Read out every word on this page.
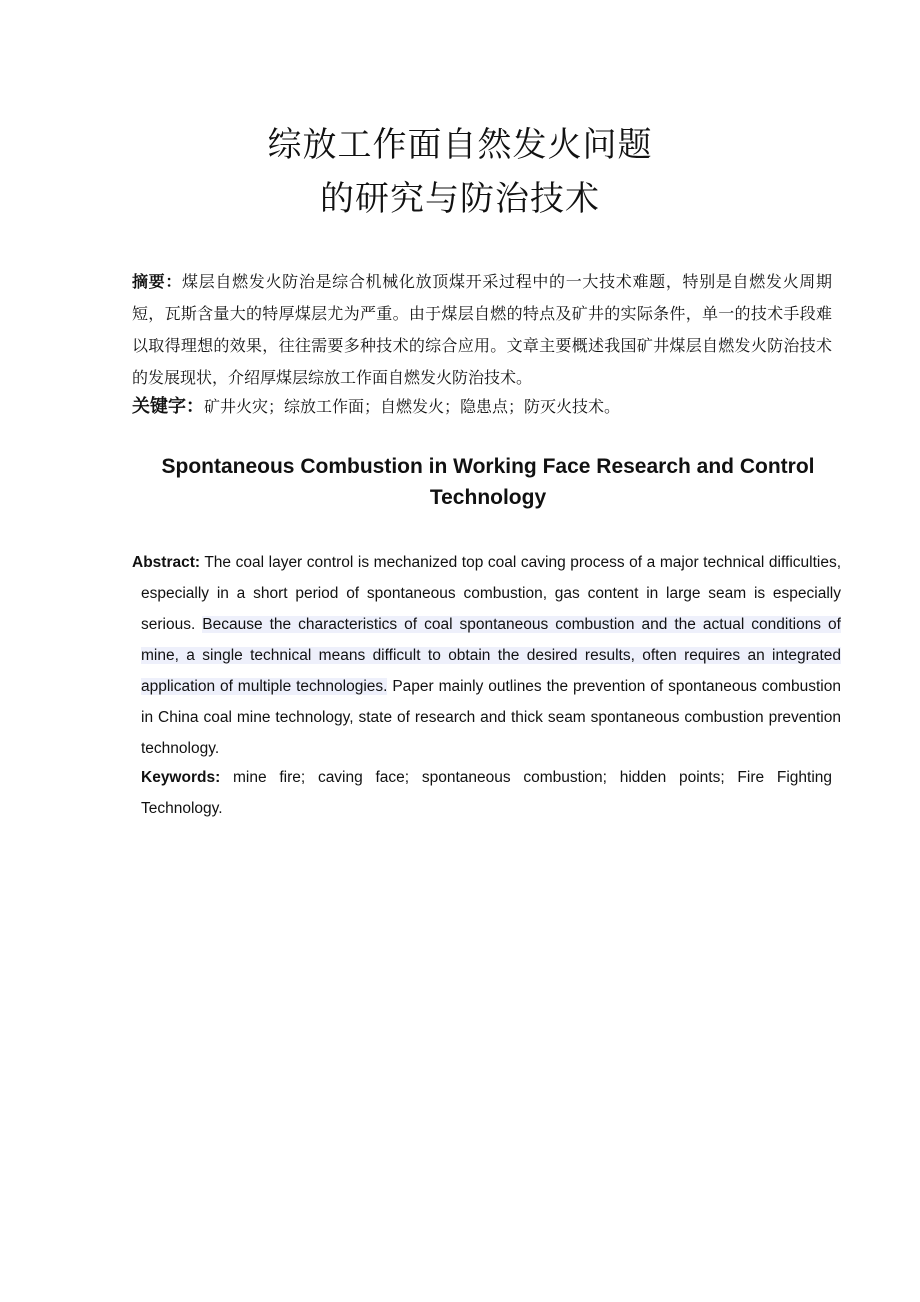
综放工作面自然发火问题
的研究与防治技术
摘要：煤层自燃发火防治是综合机械化放顶煤开采过程中的一大技术难题，特别是自燃发火周期短，瓦斯含量大的特厚煤层尤为严重。由于煤层自燃的特点及矿井的实际条件，单一的技术手段难以取得理想的效果，往往需要多种技术的综合应用。文章主要概述我国矿井煤层自燃发火防治技术的发展现状，介绍厚煤层综放工作面自燃发火防治技术。
关键字：矿井火灾；综放工作面；自燃发火；隐患点；防灭火技术。
Spontaneous Combustion in Working Face Research and Control Technology
Abstract: The coal layer control is mechanized top coal caving process of a major technical difficulties, especially in a short period of spontaneous combustion, gas content in large seam is especially serious. Because the characteristics of coal spontaneous combustion and the actual conditions of mine, a single technical means difficult to obtain the desired results, often requires an integrated application of multiple technologies. Paper mainly outlines the prevention of spontaneous combustion in China coal mine technology, state of research and thick seam spontaneous combustion prevention technology.
Keywords: mine fire; caving face; spontaneous combustion; hidden points; Fire Fighting Technology.
